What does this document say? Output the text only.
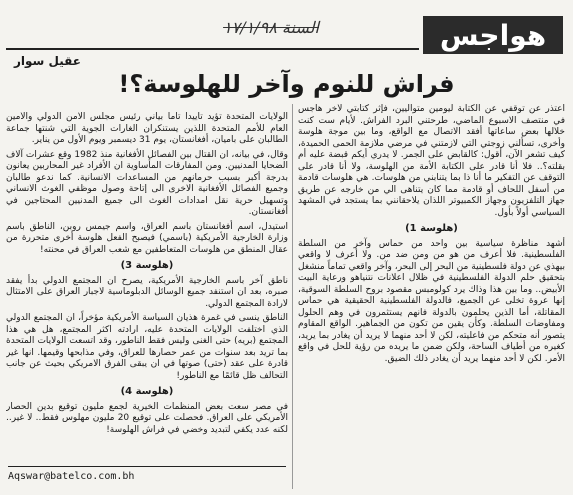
هواجس
السنة ١٧/١/٩٨
عقيل سوار
فراش للنوم وآخر للهلوسة؟!

اعتذر عن توقفي عن الكتابة ليومين متواليين، فإثر كتابتي لآخر هاجس في منتصف الاسبوع الماضي، طرحتني البرد الفراش. لأيام ست كنت خلالها بعض ساعاتها أفقد الاتصال مع الواقع، وما بين موجة هلوسة وأخرى، تسألني زوجتي التي لازمتني في مرضي ملازمة الحمى الحميدة، كيف تشعر الآن، أقول: كالقابض على الجمر. لا يدري أيكم قبضة عليه أم بقلته؟.. فلا أنا قادر على الكتابة الأمة من الهلوسة، ولا أنا قادر على التوقف عن التفكير ما أنا ذا بما يتنابني من هلوسات. هي هلوسات قادمة من أسفل اللحاف أو قادمة مما كان يتناهى الي من خارجه عن طريق جهاز التلفزيون وجهاز الكمبيوتر اللذان يلاحقانني بما يستجد في المشهد السياسي أولاً بأول.

(هلوسة 1)

أشهد مناظرة سياسية بين واحد من حماس وآخر من السلطة الفلسطينية. فلا أعرف من هو من ومن ضد من. ولا أعرف لا واقعي بيهذي عن دولة فلسطينية من البحر إلى البحر، وآخر واقعي تماماً منشغل بتحقيق حلم الدولة الفلسطينية في ظلال اعلانات نتنياهو ورعاية البيت الأبيض.. وما بين هذا وذاك يرد كولومبس مقصود بروح السلطة السوقية، إنها عروة تخلى عن الجميع، فالدولة الفلسطينية الحقيقية هي حماس المقاتلة، أما الذين يحلمون بالدولة فانهم يستثمرون في وهم الحلول ومفاوضات السلطة. وكأن يقين من تكون من الجماهير. الواقع المقاوم يتصور أنه متحكم من فاعليته، لكن لا أحد منهما لا يريد أن يغادر بما يريد، كغيره من أطياف الساحة، ولكن ضمن ما يريده من رؤية للحل في واقع الأمر. لكن لا أحد منهما يريد أن يغادر ذلك الضيق.

الولايات المتحدة تؤيد تأييداً تاماً بياني رئيس مجلس الامن الدولي والأمين العام للأمم المتحدة اللذين يستنكران الغارات الجوية التي شنتها جماعة الطالبان على باميان، أفغانستان، يوم 31 ديسمبر ويوم الأول من يناير.

وقال، في بيانه، ان القتال بين الفصائل الأفغانية منذ 1982 وقع عشرات آلاف الضحايا المدنيين. ومن المفارقات المأساوية ان الأفراد غير المحاربين يعانون بدرجة أكبر بسبب حرمانهم من المساعدات الانسانية. كما ندعو طالبان وجميع الفصائل الأفغانية الاخرى الى إتاحة وصول موظفي الغوث الانساني وتسهيل حرية نقل امدادات الغوث الى جميع المدنيين المحتاجين في أفغانستان.

استيدل، اسم أفغانستان باسم العراق، واسم جيمس روبن، الناطق باسم وزارة الخارجية الأمريكية (باسمي) فيصبح الفعل هلوسة أخرى متحررة من عقال المنطق من هلوسات المتعاطفين مع شعب العراق في محنته!

(هلوسة 3)

ناطق آخر باسم الخارجية الأمريكية، يصرح ان المجتمع الدولي بدأ يفقد صبره، بعد ان استنفد جميع الوسائل الدبلوماسية لاجبار العراق على الامتثال لارادة المجتمع الدولي.

الناطق ينسى في غمرة هذيان السياسة الأمريكية مؤخراً، ان المجتمع الدولي الذي اختلفت الولايات المتحدة عليه، ارادته اكثر المجتمع، هل هي هذا المجتمع (بريه) حتى الغنى وليس فقط الناطور، وقد اتسعت الولايات المتحدة بما تريد بعد سنوات من عمر حصارها للعراق، وفي مذابحها وقيمها. انها غير قادرة على عقد (حتى) صوتها في ان يبقى الفرق الامريكي بحيث عن جانب التحالف ظل قائمًا مع الناطور!

(هلوسة 4)

في مصر سعت بعض المنظمات الخيرية لجمع مليون توقيع بدين الحصار الأمريكي على العراق. فحصلت على توقيع 20 مليون مهلوس فقط.. لا غير.. لكنه عدد يكفي لتبديد وخضي في فراش الهلوسة!

Aqswar@batelco.com.bh
